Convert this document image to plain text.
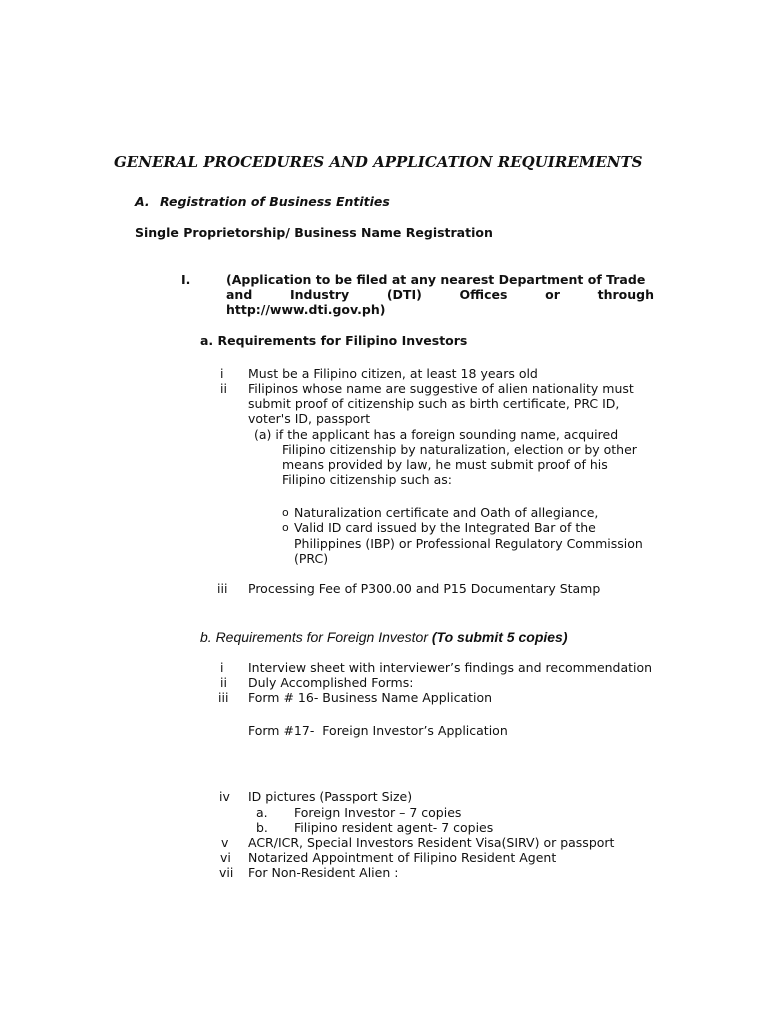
GENERAL PROCEDURES AND APPLICATION REQUIREMENTS
A. Registration of Business Entities
Single Proprietorship/ Business Name Registration
I.	(Application to be filed at any nearest Department of Trade
and	Industry	(DTI)	Offices	or	through
http://www.dti.gov.ph)
a. Requirements for Filipino Investors
i Must be a Filipino citizen, at least 18 years old
ii Filipinos whose name are suggestive of alien nationality must
submit proof of citizenship such as birth certificate, PRC ID,
voter's ID, passport
(a) if the applicant has a foreign sounding name, acquired
Filipino citizenship by naturalization, election or by other
means provided by law, he must submit proof of his
Filipino citizenship such as:
o Naturalization certificate and Oath of allegiance,
o Valid ID card issued by the Integrated Bar of the
Philippines (IBP) or Professional Regulatory Commission
(PRC)
iii Processing Fee of P300.00 and P15 Documentary Stamp
b. Requirements for Foreign Investor (To submit 5 copies)
i Interview sheet with interviewer’s findings and recommendation
ii Duly Accomplished Forms:
iii Form # 16- Business Name Application
Form #17-  Foreign Investor’s Application
iv ID pictures (Passport Size)
a. Foreign Investor – 7 copies
b. Filipino resident agent- 7 copies
v ACR/ICR, Special Investors Resident Visa(SIRV) or passport
vi Notarized Appointment of Filipino Resident Agent
vii For Non-Resident Alien :
